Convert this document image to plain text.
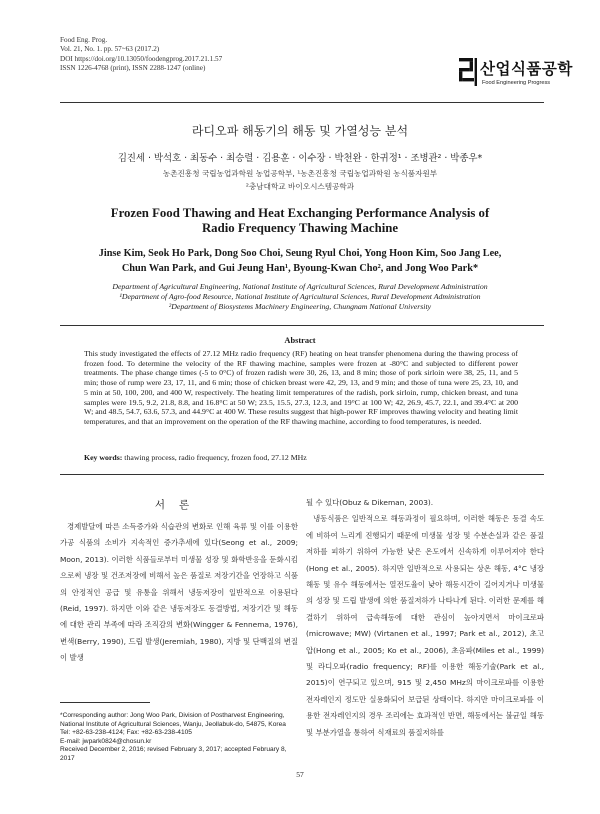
Food Eng. Prog.
Vol. 21, No. 1. pp. 57~63 (2017.2)
DOI https://doi.org/10.13050/foodengprog.2017.21.1.57
ISSN 1226-4768 (print), ISSN 2288-1247 (online)	산업식품공학
Food Engineering Progress
라디오파 해동기의 해동 및 가열성능 분석
김진세 · 박석호 · 최동수 · 최승렬 · 김용훈 · 이수장 · 박천완 · 한귀정¹ · 조병관² · 박종우*
농촌진흥청 국립농업과학원 농업공학부, ¹농촌진흥청 국립농업과학원 농식품자원부
²충남대학교 바이오시스템공학과
Frozen Food Thawing and Heat Exchanging Performance Analysis of
Radio Frequency Thawing Machine
Jinse Kim, Seok Ho Park, Dong Soo Choi, Seung Ryul Choi, Yong Hoon Kim, Soo Jang Lee,
Chun Wan Park, and Gui Jeung Han¹, Byoung-Kwan Cho², and Jong Woo Park*
Department of Agricultural Engineering, National Institute of Agricultural Sciences, Rural Development Administration
¹Department of Agro-food Resource, National Institute of Agricultural Sciences, Rural Development Administration
²Department of Biosystems Machinery Engineering, Chungnam National University
Abstract
This study investigated the effects of 27.12 MHz radio frequency (RF) heating on heat transfer phenomena during the thawing process of frozen food. To determine the velocity of the RF thawing machine, samples were frozen at -80°C and subjected to different power treatments. The phase change times (-5 to 0°C) of frozen radish were 30, 26, 13, and 8 min; those of pork sirloin were 38, 25, 11, and 5 min; those of rump were 23, 17, 11, and 6 min; those of chicken breast were 42, 29, 13, and 9 min; and those of tuna were 25, 23, 10, and 5 min at 50, 100, 200, and 400 W, respectively. The heating limit temperatures of the radish, pork sirloin, rump, chicken breast, and tuna samples were 19.5, 9.2, 21.8, 8.8, and 16.8°C at 50 W; 23.5, 15.5, 27.3, 12.3, and 19°C at 100 W; 42, 26.9, 45.7, 22.1, and 39.4°C at 200 W; and 48.5, 54.7, 63.6, 57.3, and 44.9°C at 400 W. These results suggest that high-power RF improves thawing velocity and heating limit temperatures, and that an improvement on the operation of the RF thawing machine, according to food temperatures, is needed.
Key words: thawing process, radio frequency, frozen food, 27.12 MHz
서론

경제발달에 따른 소득증가와 식습관의 변화로 인해 육류 및 이를 이용한 가공 식품의 소비가 지속적인 증가추세에 있다(Seong et al., 2009; Moon, 2013). 이러한 식품들로부터 미생물 성장 및 화학반응을 둔화시킴으로써 냉장 및 건조저장에 비해서 높은 품질로 저장기간을 연장하고 식품의 안정적인 공급 및 유통을 위해서 냉동저장이 일반적으로 이용된다(Reid, 1997). 하지만 이와 같은 냉동저장도 동결방법, 저장기간 및 해동에 대한 관리 부족에 따라 조직감의 변화(Wingger & Fennema, 1976), 변색(Berry, 1990), 드립 발생(Jeremiah, 1980), 지방 및 단백질의 변질이 발생

될 수 있다(Obuz & Dikeman, 2003).

냉동식품은 일반적으로 해동과정이 필요하며, 이러한 해동은 동결 속도에 비하여 느리게 진행되기 때문에 미생물 성장 및 수분손실과 같은 품질 저하를 피하기 위하여 가능한 낮은 온도에서 신속하게 이루어져야 한다(Hong et al., 2005). 하지만 일반적으로 사용되는 상온 해동, 4°C 냉장해동 및 유수 해동에서는 열전도율이 낮아 해동시간이 길어지거나 미생물의 성장 및 드립 발생에 의한 품질저하가 나타나게 된다. 이러한 문제를 해결하기 위하여 급속해동에 대한 관심이 높아지면서 마이크로파(microwave; MW) (Virtanen et al., 1997; Park et al., 2012), 초고압(Hong et al., 2005; Ko et al., 2006), 초음파(Miles et al., 1999) 및 라디오파(radio frequency; RF)를 이용한 해동기술(Park et al., 2015)이 연구되고 있으며, 915 및 2,450 MHz의 마이크로파를 이용한 전자레인지 정도만 실용화되어 보급된 상태이다. 하지만 마이크로파를 이용한 전자레인지의 경우 조리에는 효과적인 반면, 해동에서는 불균일 해동 및 부분가열을 통하여 식재료의 품질저하를

*Corresponding author: Jong Woo Park, Division of Postharvest Engineering, National Institute of Agricultural Sciences, Wanju, Jeollabuk-do, 54875, Korea

Tel: +82-63-238-4124; Fax: +82-63-238-4105

E-mail: jwpark0824@chosun.kr

Received December 2, 2016; revised February 3, 2017; accepted February 8, 2017

57
